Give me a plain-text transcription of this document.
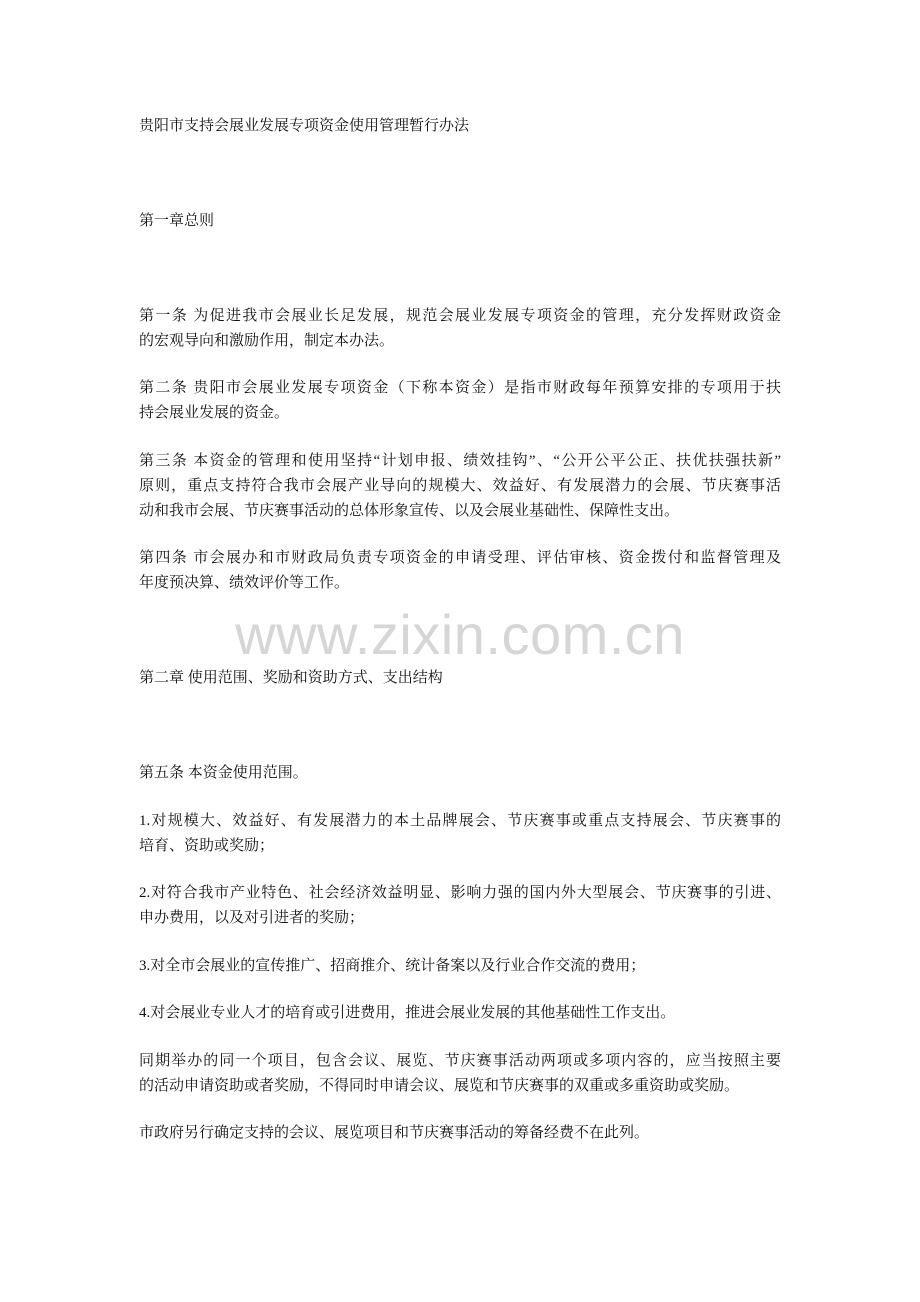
贵阳市支持会展业发展专项资金使用管理暂行办法
第一章总则
第一条 为促进我市会展业长足发展，规范会展业发展专项资金的管理，充分发挥财政资金
的宏观导向和激励作用，制定本办法。
第二条 贵阳市会展业发展专项资金（下称本资金）是指市财政每年预算安排的专项用于扶
持会展业发展的资金。
第三条 本资金的管理和使用坚持“计划申报、绩效挂钩”、“公开公平公正、扶优扶强扶新”
原则，重点支持符合我市会展产业导向的规模大、效益好、有发展潜力的会展、节庆赛事活
动和我市会展、节庆赛事活动的总体形象宣传、以及会展业基础性、保障性支出。
第四条 市会展办和市财政局负责专项资金的申请受理、评估审核、资金拨付和监督管理及
年度预决算、绩效评价等工作。
第二章 使用范围、奖励和资助方式、支出结构
第五条 本资金使用范围。
1.对规模大、效益好、有发展潜力的本土品牌展会、节庆赛事或重点支持展会、节庆赛事的
培育、资助或奖励；
2.对符合我市产业特色、社会经济效益明显、影响力强的国内外大型展会、节庆赛事的引进、
申办费用，以及对引进者的奖励；
3.对全市会展业的宣传推广、招商推介、统计备案以及行业合作交流的费用；
4.对会展业专业人才的培育或引进费用，推进会展业发展的其他基础性工作支出。
同期举办的同一个项目，包含会议、展览、节庆赛事活动两项或多项内容的，应当按照主要
的活动申请资助或者奖励，不得同时申请会议、展览和节庆赛事的双重或多重资助或奖励。
市政府另行确定支持的会议、展览项目和节庆赛事活动的筹备经费不在此列。
www.zixin.com.cn
